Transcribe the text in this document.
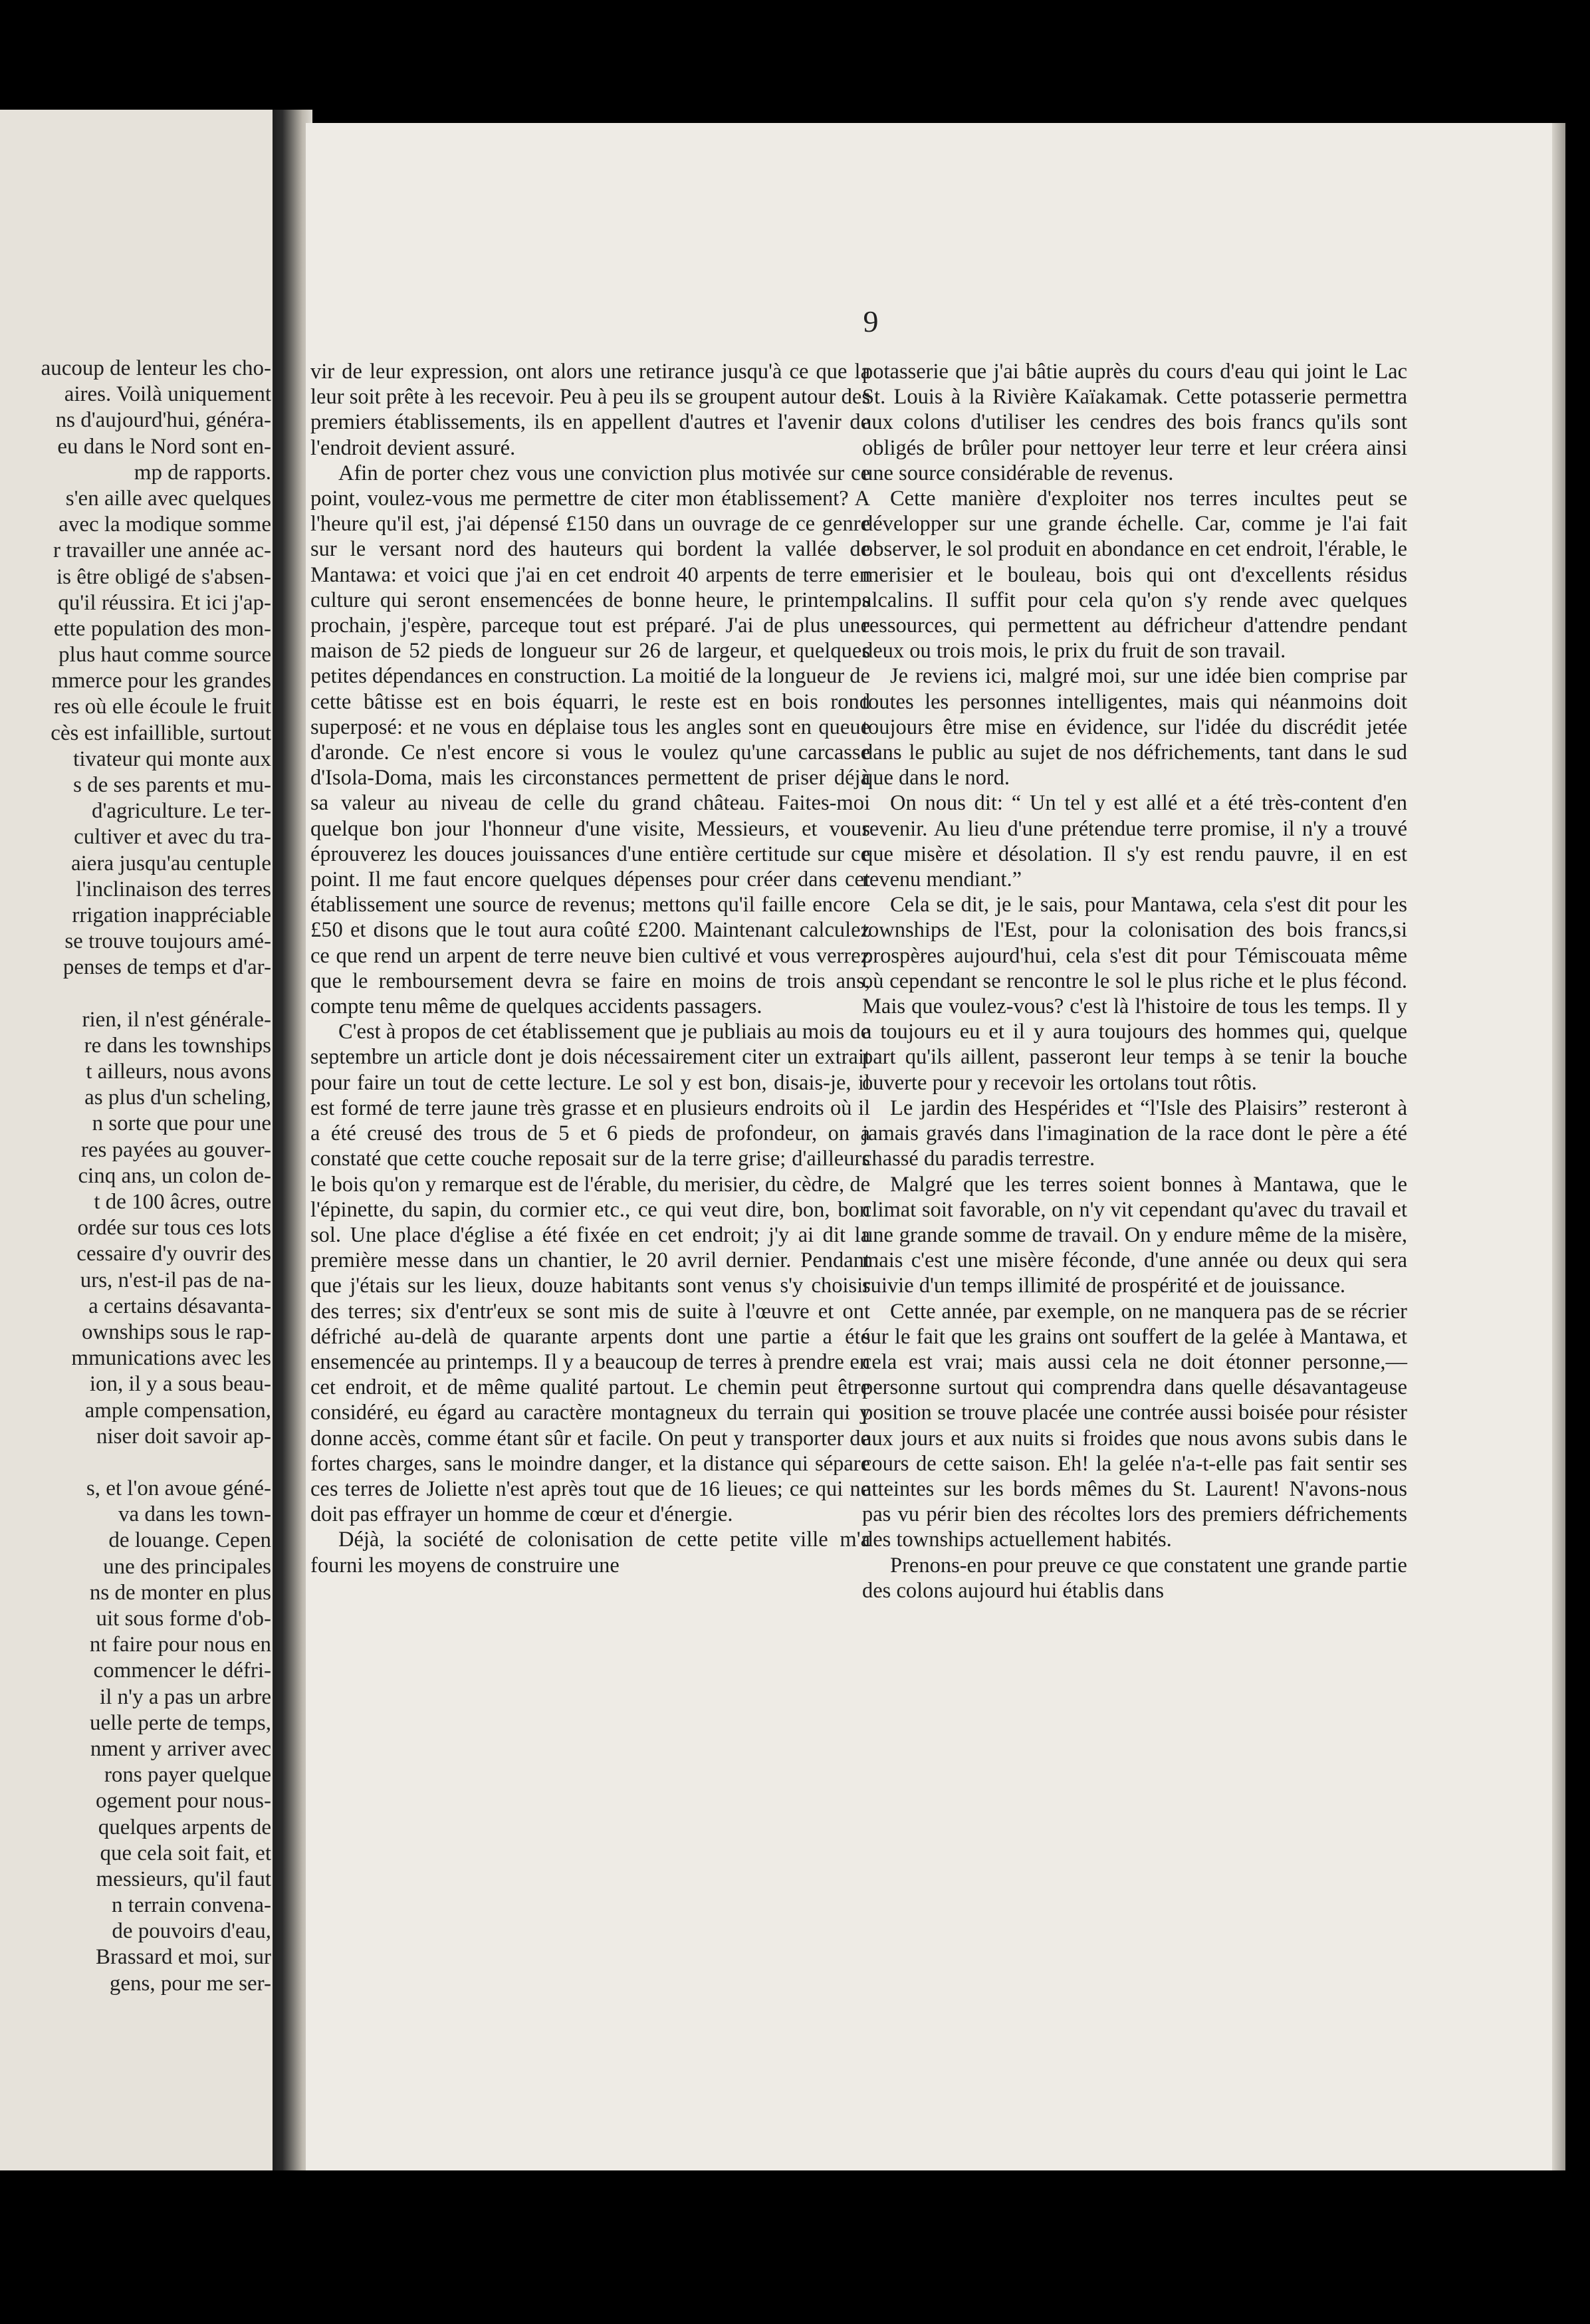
aucoup de lenteur les cho-
aires. Voilà uniquement
ns d'aujourd'hui, généra-
eu dans le Nord sont en-
mp de rapports.
s'en aille avec quelques
avec la modique somme
r travailler une année ac-
is être obligé de s'absen-
qu'il réussira. Et ici j'ap-
ette population des mon-
plus haut comme source
mmerce pour les grandes
res où elle écoule le fruit
cès est infaillible, surtout
tivateur qui monte aux
s de ses parents et mu-
d'agriculture. Le ter-
cultiver et avec du tra-
aiera jusqu'au centuple
l'inclinaison des terres
rrigation inappréciable
se trouve toujours amé-
penses de temps et d'ar-
rien, il n'est générale-
re dans les townships
t ailleurs, nous avons
as plus d'un scheling,
n sorte que pour une
res payées au gouver-
cinq ans, un colon de-
t de 100 âcres, outre
ordée sur tous ces lots
cessaire d'y ouvrir des
urs, n'est-il pas de na-
a certains désavanta-
ownships sous le rap-
mmunications avec les
ion, il y a sous beau-
ample compensation,
niser doit savoir ap-
s, et l'on avoue géné-
va dans les town-
de louange. Cepen
une des principales
ns de monter en plus
uit sous forme d'ob-
nt faire pour nous en
commencer le défri-
il n'y a pas un arbre
uelle perte de temps,
nment y arriver avec
rons payer quelque
ogement pour nous-
quelques arpents de
que cela soit fait, et
messieurs, qu'il faut
n terrain convena-
de pouvoirs d'eau,
Brassard et moi, sur
gens, pour me ser-
9

vir de leur expression, ont alors une retirance jusqu'à ce que la leur soit prête à les recevoir. Peu à peu ils se groupent autour des premiers établissements, ils en appellent d'autres et l'avenir de l'endroit devient assuré.

Afin de porter chez vous une conviction plus motivée sur ce point, voulez-vous me permettre de citer mon établissement? A l'heure qu'il est, j'ai dépensé £150 dans un ouvrage de ce genre sur le versant nord des hauteurs qui bordent la vallée de Mantawa: et voici que j'ai en cet endroit 40 arpents de terre en culture qui seront ensemencées de bonne heure, le printemps prochain, j'espère, parceque tout est préparé. J'ai de plus une maison de 52 pieds de longueur sur 26 de largeur, et quelques petites dépendances en construction. La moitié de la longueur de cette bâtisse est en bois équarri, le reste est en bois rond superposé: et ne vous en déplaise tous les angles sont en queue d'aronde. Ce n'est encore si vous le voulez qu'une carcasse d'Isola-Doma, mais les circonstances permettent de priser déjà sa valeur au niveau de celle du grand château. Faites-moi quelque bon jour l'honneur d'une visite, Messieurs, et vous éprouverez les douces jouissances d'une entière certitude sur ce point. Il me faut encore quelques dépenses pour créer dans cet établissement une source de revenus; mettons qu'il faille encore £50 et disons que le tout aura coûté £200. Maintenant calculez ce que rend un arpent de terre neuve bien cultivé et vous verrez que le remboursement devra se faire en moins de trois ans, compte tenu même de quelques accidents passagers.

C'est à propos de cet établissement que je publiais au mois de septembre un article dont je dois nécessairement citer un extrait pour faire un tout de cette lecture. Le sol y est bon, disais-je, il est formé de terre jaune très grasse et en plusieurs endroits où il a été creusé des trous de 5 et 6 pieds de profondeur, on a constaté que cette couche reposait sur de la terre grise; d'ailleurs le bois qu'on y remarque est de l'érable, du merisier, du cèdre, de l'épinette, du sapin, du cormier etc., ce qui veut dire, bon, bon sol. Une place d'église a été fixée en cet endroit; j'y ai dit la première messe dans un chantier, le 20 avril dernier. Pendant que j'étais sur les lieux, douze habitants sont venus s'y choisir des terres; six d'entr'eux se sont mis de suite à l'œuvre et ont défriché au-delà de quarante arpents dont une partie a été ensemencée au printemps. Il y a beaucoup de terres à prendre en cet endroit, et de même qualité partout. Le chemin peut être considéré, eu égard au caractère montagneux du terrain qui y donne accès, comme étant sûr et facile. On peut y transporter de fortes charges, sans le moindre danger, et la distance qui sépare ces terres de Joliette n'est après tout que de 16 lieues; ce qui ne doit pas effrayer un homme de cœur et d'énergie.

Déjà, la société de colonisation de cette petite ville m'a fourni les moyens de construire une

potasserie que j'ai bâtie auprès du cours d'eau qui joint le Lac St. Louis à la Rivière Kaïakamak. Cette potasserie permettra aux colons d'utiliser les cendres des bois francs qu'ils sont obligés de brûler pour nettoyer leur terre et leur créera ainsi une source considérable de revenus.

Cette manière d'exploiter nos terres incultes peut se développer sur une grande échelle. Car, comme je l'ai fait observer, le sol produit en abondance en cet endroit, l'érable, le merisier et le bouleau, bois qui ont d'excellents résidus alcalins. Il suffit pour cela qu'on s'y rende avec quelques ressources, qui permettent au défricheur d'attendre pendant deux ou trois mois, le prix du fruit de son travail.

Je reviens ici, malgré moi, sur une idée bien comprise par toutes les personnes intelligentes, mais qui néanmoins doit toujours être mise en évidence, sur l'idée du discrédit jetée dans le public au sujet de nos défrichements, tant dans le sud que dans le nord.

On nous dit: “ Un tel y est allé et a été très-content d'en revenir. Au lieu d'une prétendue terre promise, il n'y a trouvé que misère et désolation. Il s'y est rendu pauvre, il en est revenu mendiant.”

Cela se dit, je le sais, pour Mantawa, cela s'est dit pour les townships de l'Est, pour la colonisation des bois francs,si prospères aujourd'hui, cela s'est dit pour Témiscouata même où cependant se rencontre le sol le plus riche et le plus fécond. Mais que voulez-vous? c'est là l'histoire de tous les temps. Il y a toujours eu et il y aura toujours des hommes qui, quelque part qu'ils aillent, passeront leur temps à se tenir la bouche ouverte pour y recevoir les ortolans tout rôtis.

Le jardin des Hespérides et “l'Isle des Plaisirs” resteront à jamais gravés dans l'imagination de la race dont le père a été chassé du paradis terrestre.

Malgré que les terres soient bonnes à Mantawa, que le climat soit favorable, on n'y vit cependant qu'avec du travail et une grande somme de travail. On y endure même de la misère, mais c'est une misère féconde, d'une année ou deux qui sera suivie d'un temps illimité de prospérité et de jouissance.

Cette année, par exemple, on ne manquera pas de se récrier sur le fait que les grains ont souffert de la gelée à Mantawa, et cela est vrai; mais aussi cela ne doit étonner personne,—personne surtout qui comprendra dans quelle désavantageuse position se trouve placée une contrée aussi boisée pour résister aux jours et aux nuits si froides que nous avons subis dans le cours de cette saison. Eh! la gelée n'a-t-elle pas fait sentir ses atteintes sur les bords mêmes du St. Laurent! N'avons-nous pas vu périr bien des récoltes lors des premiers défrichements des townships actuellement habités.

Prenons-en pour preuve ce que constatent une grande partie des colons aujourd hui établis dans
